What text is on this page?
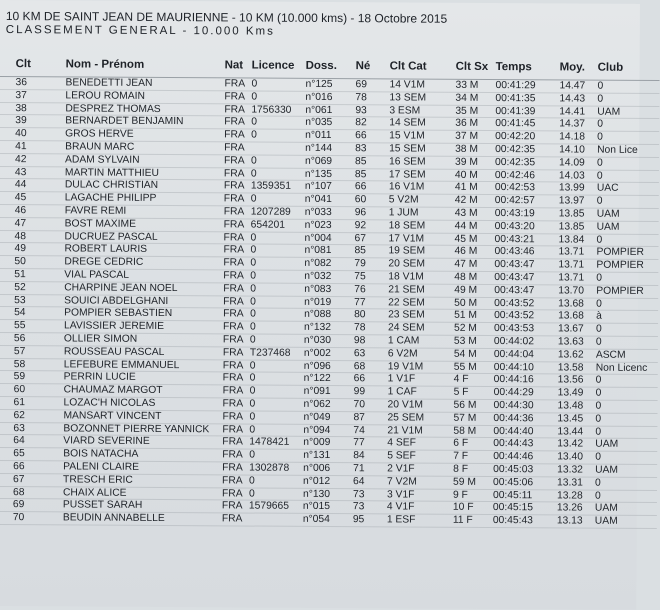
10 KM DE SAINT JEAN DE MAURIENNE - 10 KM (10.000 kms) - 18 Octobre 2015
CLASSEMENT GENERAL - 10.000 Kms
Clt	Nom - Prénom	Nat Licence Doss. Né Clt Cat	Clt Sx Temps Moy. Club
36	BENEDETTI JEAN	FRA 0	n°125 69 14 V1M	33 M 00:41:29 14.47 0
37	LEROU ROMAIN	FRA 0	n°016 78 13 SEM	34 M 00:41:35 14.43 0
38	DESPREZ THOMAS	FRA 1756330 n°061 93 3 ESM	35 M 00:41:39 14.41 UAM
39	BERNARDET BENJAMIN	FRA 0	n°035 82 14 SEM	36 M 00:41:45 14.37 0
40	GROS HERVE	FRA 0	n°011 66 15 V1M	37 M 00:42:20 14.18 0
41	BRAUN MARC	FRA	n°144 83 15 SEM	38 M 00:42:35 14.10 Non Lice
42	ADAM SYLVAIN	FRA 0	n°069 85 16 SEM	39 M 00:42:35 14.09 0
43	MARTIN MATTHIEU	FRA 0	n°135 85 17 SEM	40 M 00:42:46 14.03 0
44	DULAC CHRISTIAN	FRA 1359351 n°107 66 16 V1M	41 M 00:42:53 13.99 UAC
45	LAGACHE PHILIPP	FRA 0	n°041 60 5 V2M	42 M 00:42:57 13.97 0
46	FAVRE REMI	FRA 1207289 n°033 96 1 JUM	43 M 00:43:19 13.85 UAM
47	BOST MAXIME	FRA 654201 n°023 92 18 SEM	44 M 00:43:20 13.85 UAM
48	DUCRUEZ PASCAL	FRA 0	n°004 67 17 V1M	45 M 00:43:21 13.84 0
49	ROBERT LAURIS	FRA 0	n°081 85 19 SEM	46 M 00:43:46 13.71 POMPIER
50	DREGE CEDRIC	FRA 0	n°082 79 20 SEM	47 M 00:43:47 13.71 POMPIER
51	VIAL PASCAL	FRA 0	n°032 75 18 V1M	48 M 00:43:47 13.71 0
52	CHARPINE JEAN NOEL	FRA 0	n°083 76 21 SEM	49 M 00:43:47 13.70 POMPIER
53	SOUICI ABDELGHANI	FRA 0	n°019 77 22 SEM	50 M 00:43:52 13.68 0
54	POMPIER SEBASTIEN	FRA 0	n°088 80 23 SEM	51 M 00:43:52 13.68 à
55	LAVISSIER JEREMIE	FRA 0	n°132 78 24 SEM	52 M 00:43:53 13.67 0
56	OLLIER SIMON	FRA 0	n°030 98 1 CAM	53 M 00:44:02 13.63 0
57	ROUSSEAU PASCAL	FRA T237468 n°002 63 6 V2M	54 M 00:44:04 13.62 ASCM
58	LEFEBURE EMMANUEL	FRA 0	n°096 68 19 V1M	55 M 00:44:10 13.58 Non Licenc
59	PERRIN LUCIE	FRA 0	n°122 66 1 V1F	4 F 00:44:16 13.56 0
60	CHAUMAZ MARGOT	FRA 0	n°091 99 1 CAF	5 F 00:44:29 13.49 0
61	LOZAC'H NICOLAS	FRA 0	n°062 70 20 V1M	56 M 00:44:30 13.48 0
62	MANSART VINCENT	FRA 0	n°049 87 25 SEM	57 M 00:44:36 13.45 0
63	BOZONNET PIERRE YANNICK FRA 0	n°094 74 21 V1M	58 M 00:44:40 13.44 0
64	VIARD SEVERINE	FRA 1478421 n°009 77 4 SEF	6 F 00:44:43 13.42 UAM
65	BOIS NATACHA	FRA 0	n°131 84 5 SEF	7 F 00:44:46 13.40 0
66	PALENI CLAIRE	FRA 1302878 n°006 71 2 V1F	8 F 00:45:03 13.32 UAM
67	TRESCH ERIC	FRA 0	n°012 64 7 V2M	59 M 00:45:06 13.31 0
68	CHAIX ALICE	FRA 0	n°130 73 3 V1F	9 F 00:45:11 13.28 0
69	PUSSET SARAH	FRA 1579665 n°015 73 4 V1F	10 F 00:45:15 13.26 UAM
70	BEUDIN ANNABELLE	FRA	n°054 95 1 ESF	11 F 00:45:43 13.13 UAM
